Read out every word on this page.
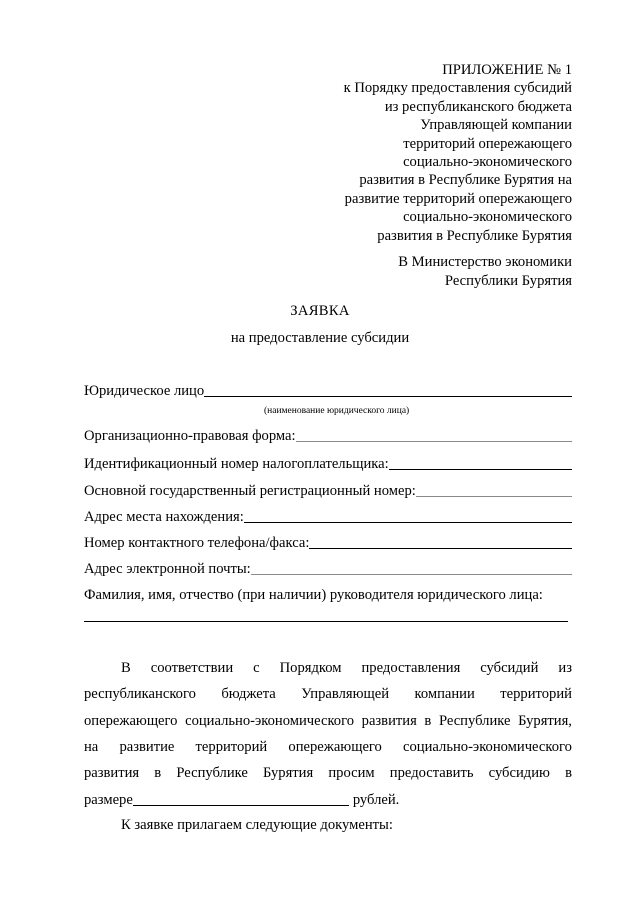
ПРИЛОЖЕНИЕ № 1
к Порядку предоставления субсидий
из республиканского бюджета
Управляющей компании
территорий опережающего
социально-экономического
развития в Республике Бурятия на
развитие территорий опережающего
социально-экономического
развития в Республике Бурятия
В Министерство экономики
Республики Бурятия
ЗАЯВКА
на предоставление субсидии
Юридическое лицо
(наименование юридического лица)
Организационно-правовая форма:
Идентификационный номер налогоплательщика:
Основной государственный регистрационный номер:
Адрес места нахождения:
Номер контактного телефона/факса:
Адрес электронной почты:
Фамилия, имя, отчество (при наличии) руководителя юридического лица:
В соответствии с Порядком предоставления субсидий из
республиканского бюджета Управляющей компании территорий
опережающего социально-экономического развития в Республике Бурятия,
на развитие территорий опережающего социально-экономического
развития в Республике Бурятия просим предоставить субсидию в
размере	рублей.
К заявке прилагаем следующие документы:
